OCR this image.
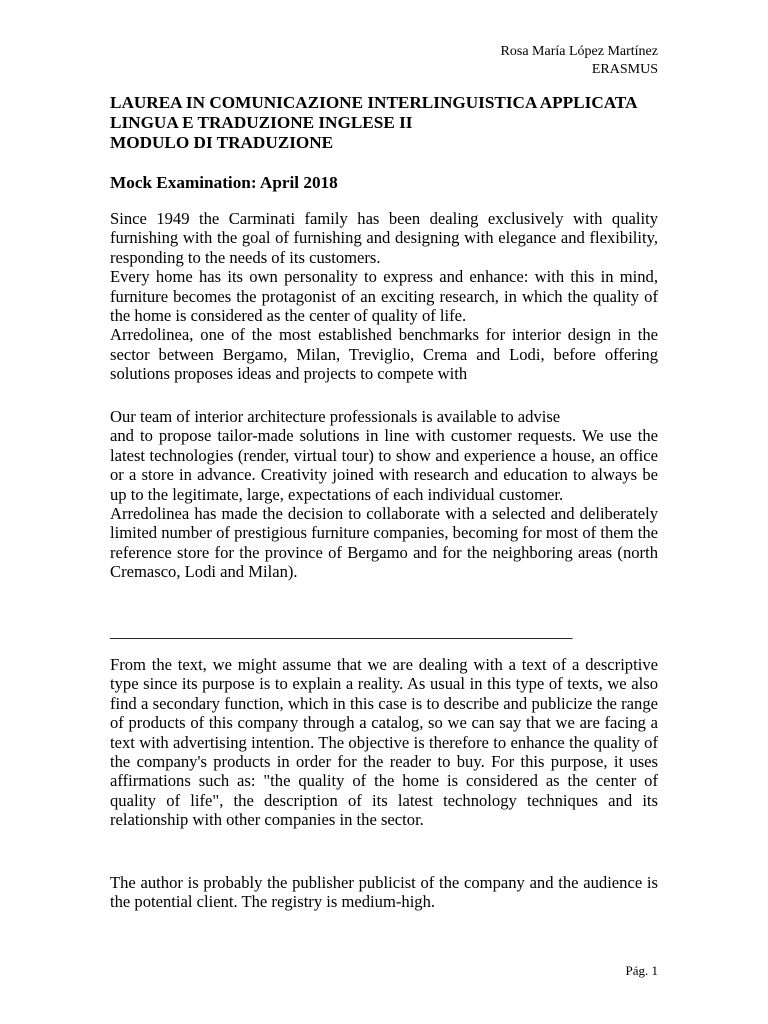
Rosa María López Martínez
ERASMUS
LAUREA IN COMUNICAZIONE INTERLINGUISTICA APPLICATA
LINGUA E TRADUZIONE INGLESE II
MODULO DI TRADUZIONE
Mock Examination: April 2018

Since 1949 the Carminati family has been dealing exclusively with quality furnishing with the goal of furnishing and designing with elegance and flexibility, responding to the needs of its customers.

Every home has its own personality to express and enhance: with this in mind, furniture becomes the protagonist of an exciting research, in which the quality of the home is considered as the center of quality of life.

Arredolinea, one of the most established benchmarks for interior design in the sector between Bergamo, Milan, Treviglio, Crema and Lodi, before offering solutions proposes ideas and projects to compete with

Our team of interior architecture professionals is available to advise

and to propose tailor-made solutions in line with customer requests. We use the latest technologies (render, virtual tour) to show and experience a house, an office or a store in advance. Creativity joined with research and education to always be up to the legitimate, large, expectations of each individual customer.

Arredolinea has made the decision to collaborate with a selected and deliberately limited number of prestigious furniture companies, becoming for most of them the reference store for the province of Bergamo and for the neighboring areas (north Cremasco, Lodi and Milan).

____________________________________________________________

From the text, we might assume that we are dealing with a text of a descriptive type since its purpose is to explain a reality. As usual in this type of texts, we also find a secondary function, which in this case is to describe and publicize the range of products of this company through a catalog, so we can say that we are facing a text with advertising intention. The objective is therefore to enhance the quality of the company's products in order for the reader to buy. For this purpose, it uses affirmations such as: "the quality of the home is considered as the center of quality of life", the description of its latest technology techniques and its relationship with other companies in the sector.

The author is probably the publisher publicist of the company and the audience is the potential client. The registry is medium-high.

Pág. 1
